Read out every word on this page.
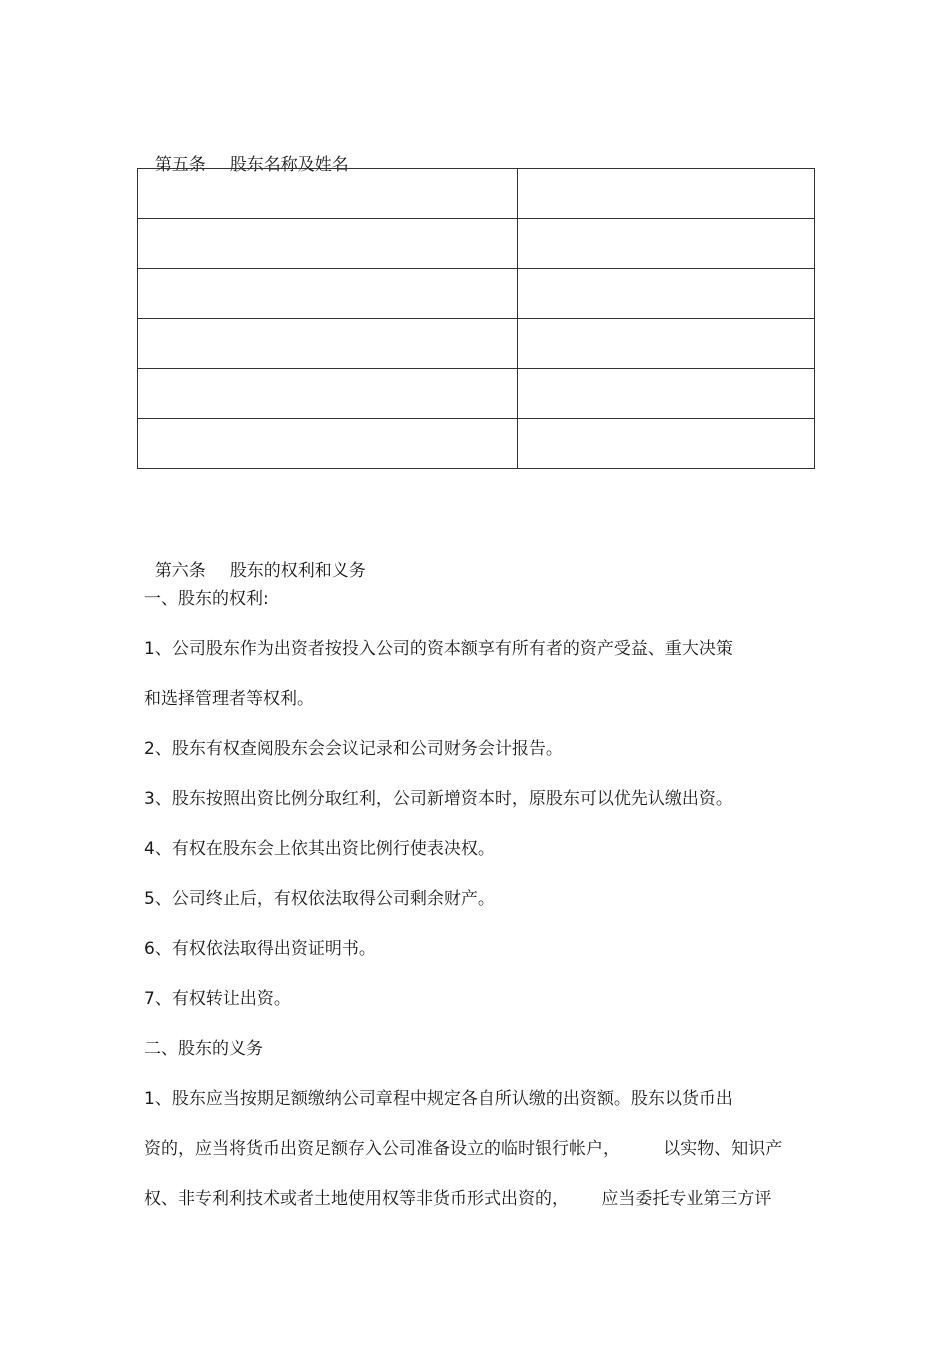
第五条 股东名称及姓名

第六条 股东的权利和义务

一、股东的权利:

1、公司股东作为出资者按投入公司的资本额享有所有者的资产受益、重大决策

和选择管理者等权利。

2、股东有权查阅股东会会议记录和公司财务会计报告。

3、股东按照出资比例分取红利，公司新增资本时，原股东可以优先认缴出资。

4、有权在股东会上依其出资比例行使表决权。

5、公司终止后，有权依法取得公司剩余财产。

6、有权依法取得出资证明书。

7、有权转让出资。

二、股东的义务

1、股东应当按期足额缴纳公司章程中规定各自所认缴的出资额。股东以货币出

资的，应当将货币出资足额存入公司准备设立的临时银行帐户，        以实物、知识产

权、非专利利技术或者土地使用权等非货币形式出资的，      应当委托专业第三方评
